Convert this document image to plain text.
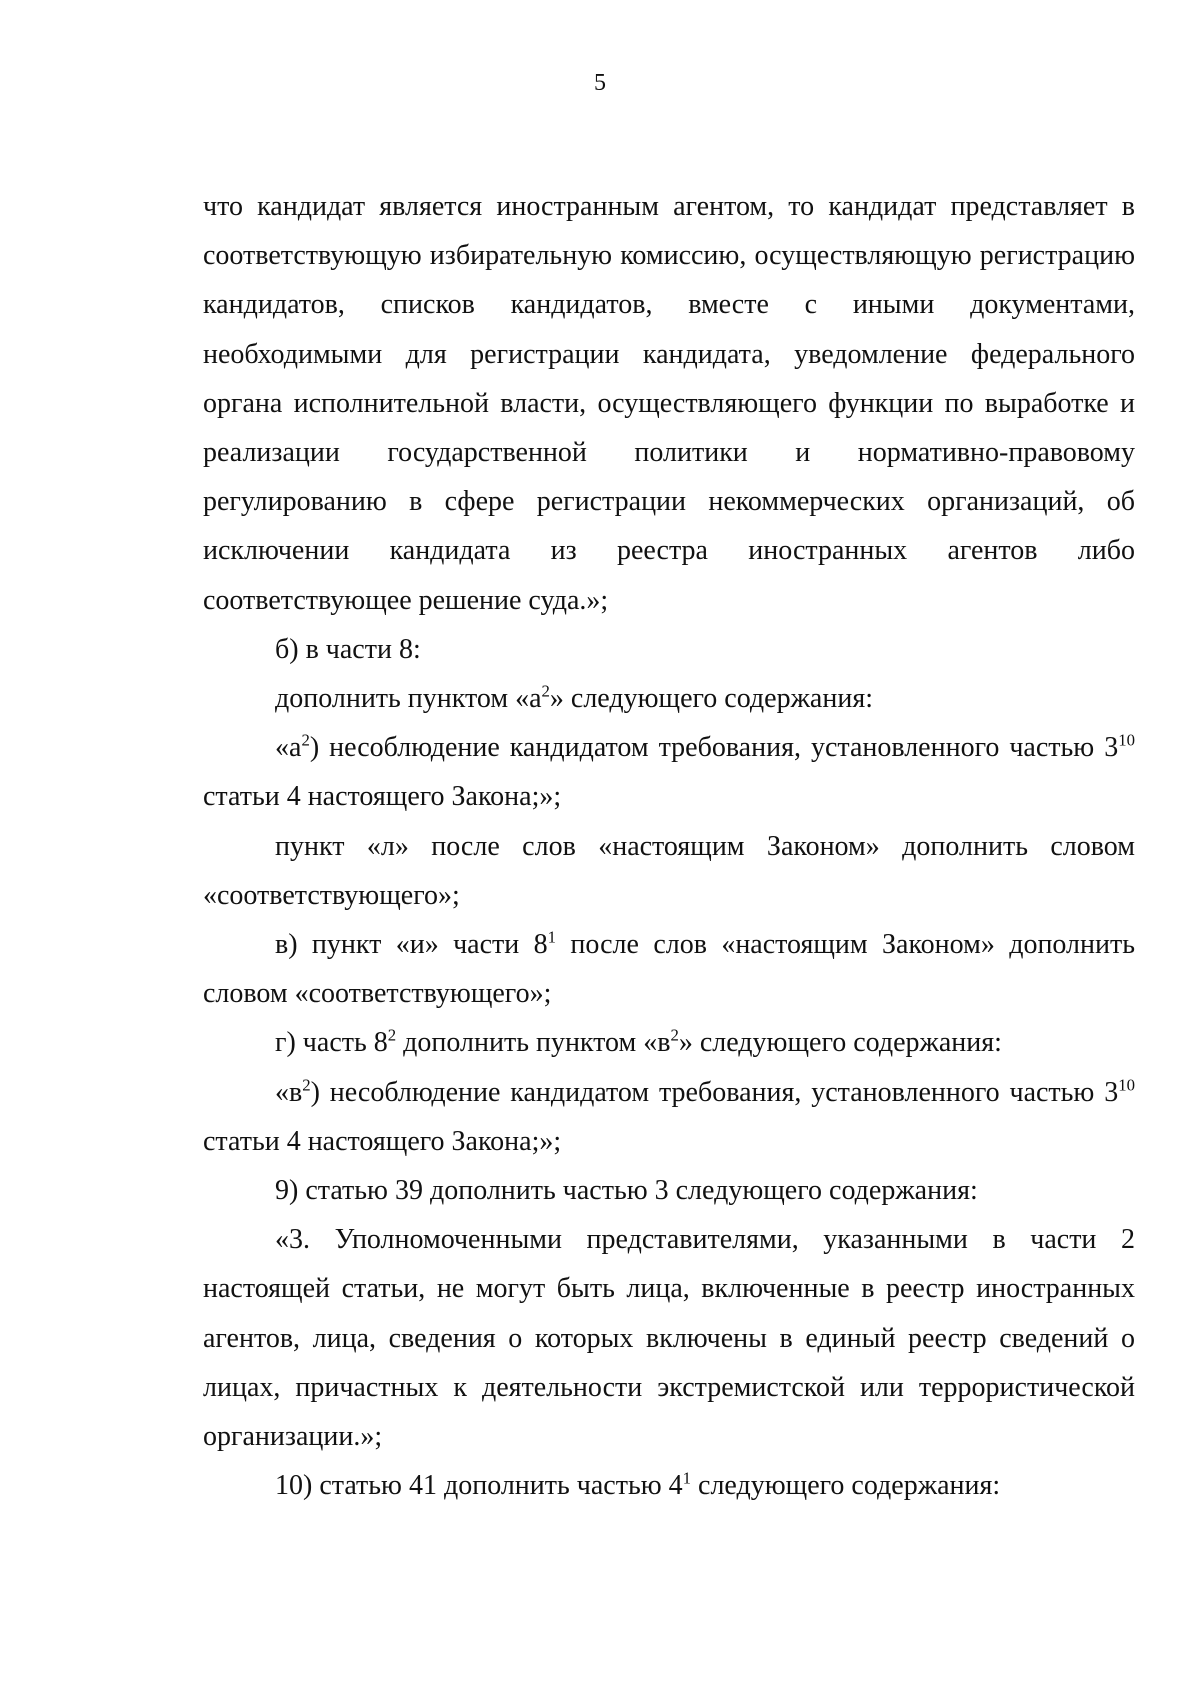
5

что кандидат является иностранным агентом, то кандидат представляет в соответствующую избирательную комиссию, осуществляющую регистрацию кандидатов, списков кандидатов, вместе с иными документами, необходимыми для регистрации кандидата, уведомление федерального органа исполнительной власти, осуществляющего функции по выработке и реализации государственной политики и нормативно-правовому регулированию в сфере регистрации некоммерческих организаций, об исключении кандидата из реестра иностранных агентов либо соответствующее решение суда.»;

б) в части 8:

дополнить пунктом «$а^2$» следующего содержания:

«$а^2$) несоблюдение кандидатом требования, установленного частью $3^{10}$ статьи 4 настоящего Закона;»;

пункт «л» после слов «настоящим Законом» дополнить словом «соответствующего»;

в) пункт «и» части $8^1$ после слов «настоящим Законом» дополнить словом «соответствующего»;

г) часть $8^2$ дополнить пунктом «$в^2$» следующего содержания:

«$в^2$) несоблюдение кандидатом требования, установленного частью $3^{10}$ статьи 4 настоящего Закона;»;

9) статью 39 дополнить частью 3 следующего содержания:

«3. Уполномоченными представителями, указанными в части 2 настоящей статьи, не могут быть лица, включенные в реестр иностранных агентов, лица, сведения о которых включены в единый реестр сведений о лицах, причастных к деятельности экстремистской или террористической организации.»;

10) статью 41 дополнить частью $4^1$ следующего содержания:
